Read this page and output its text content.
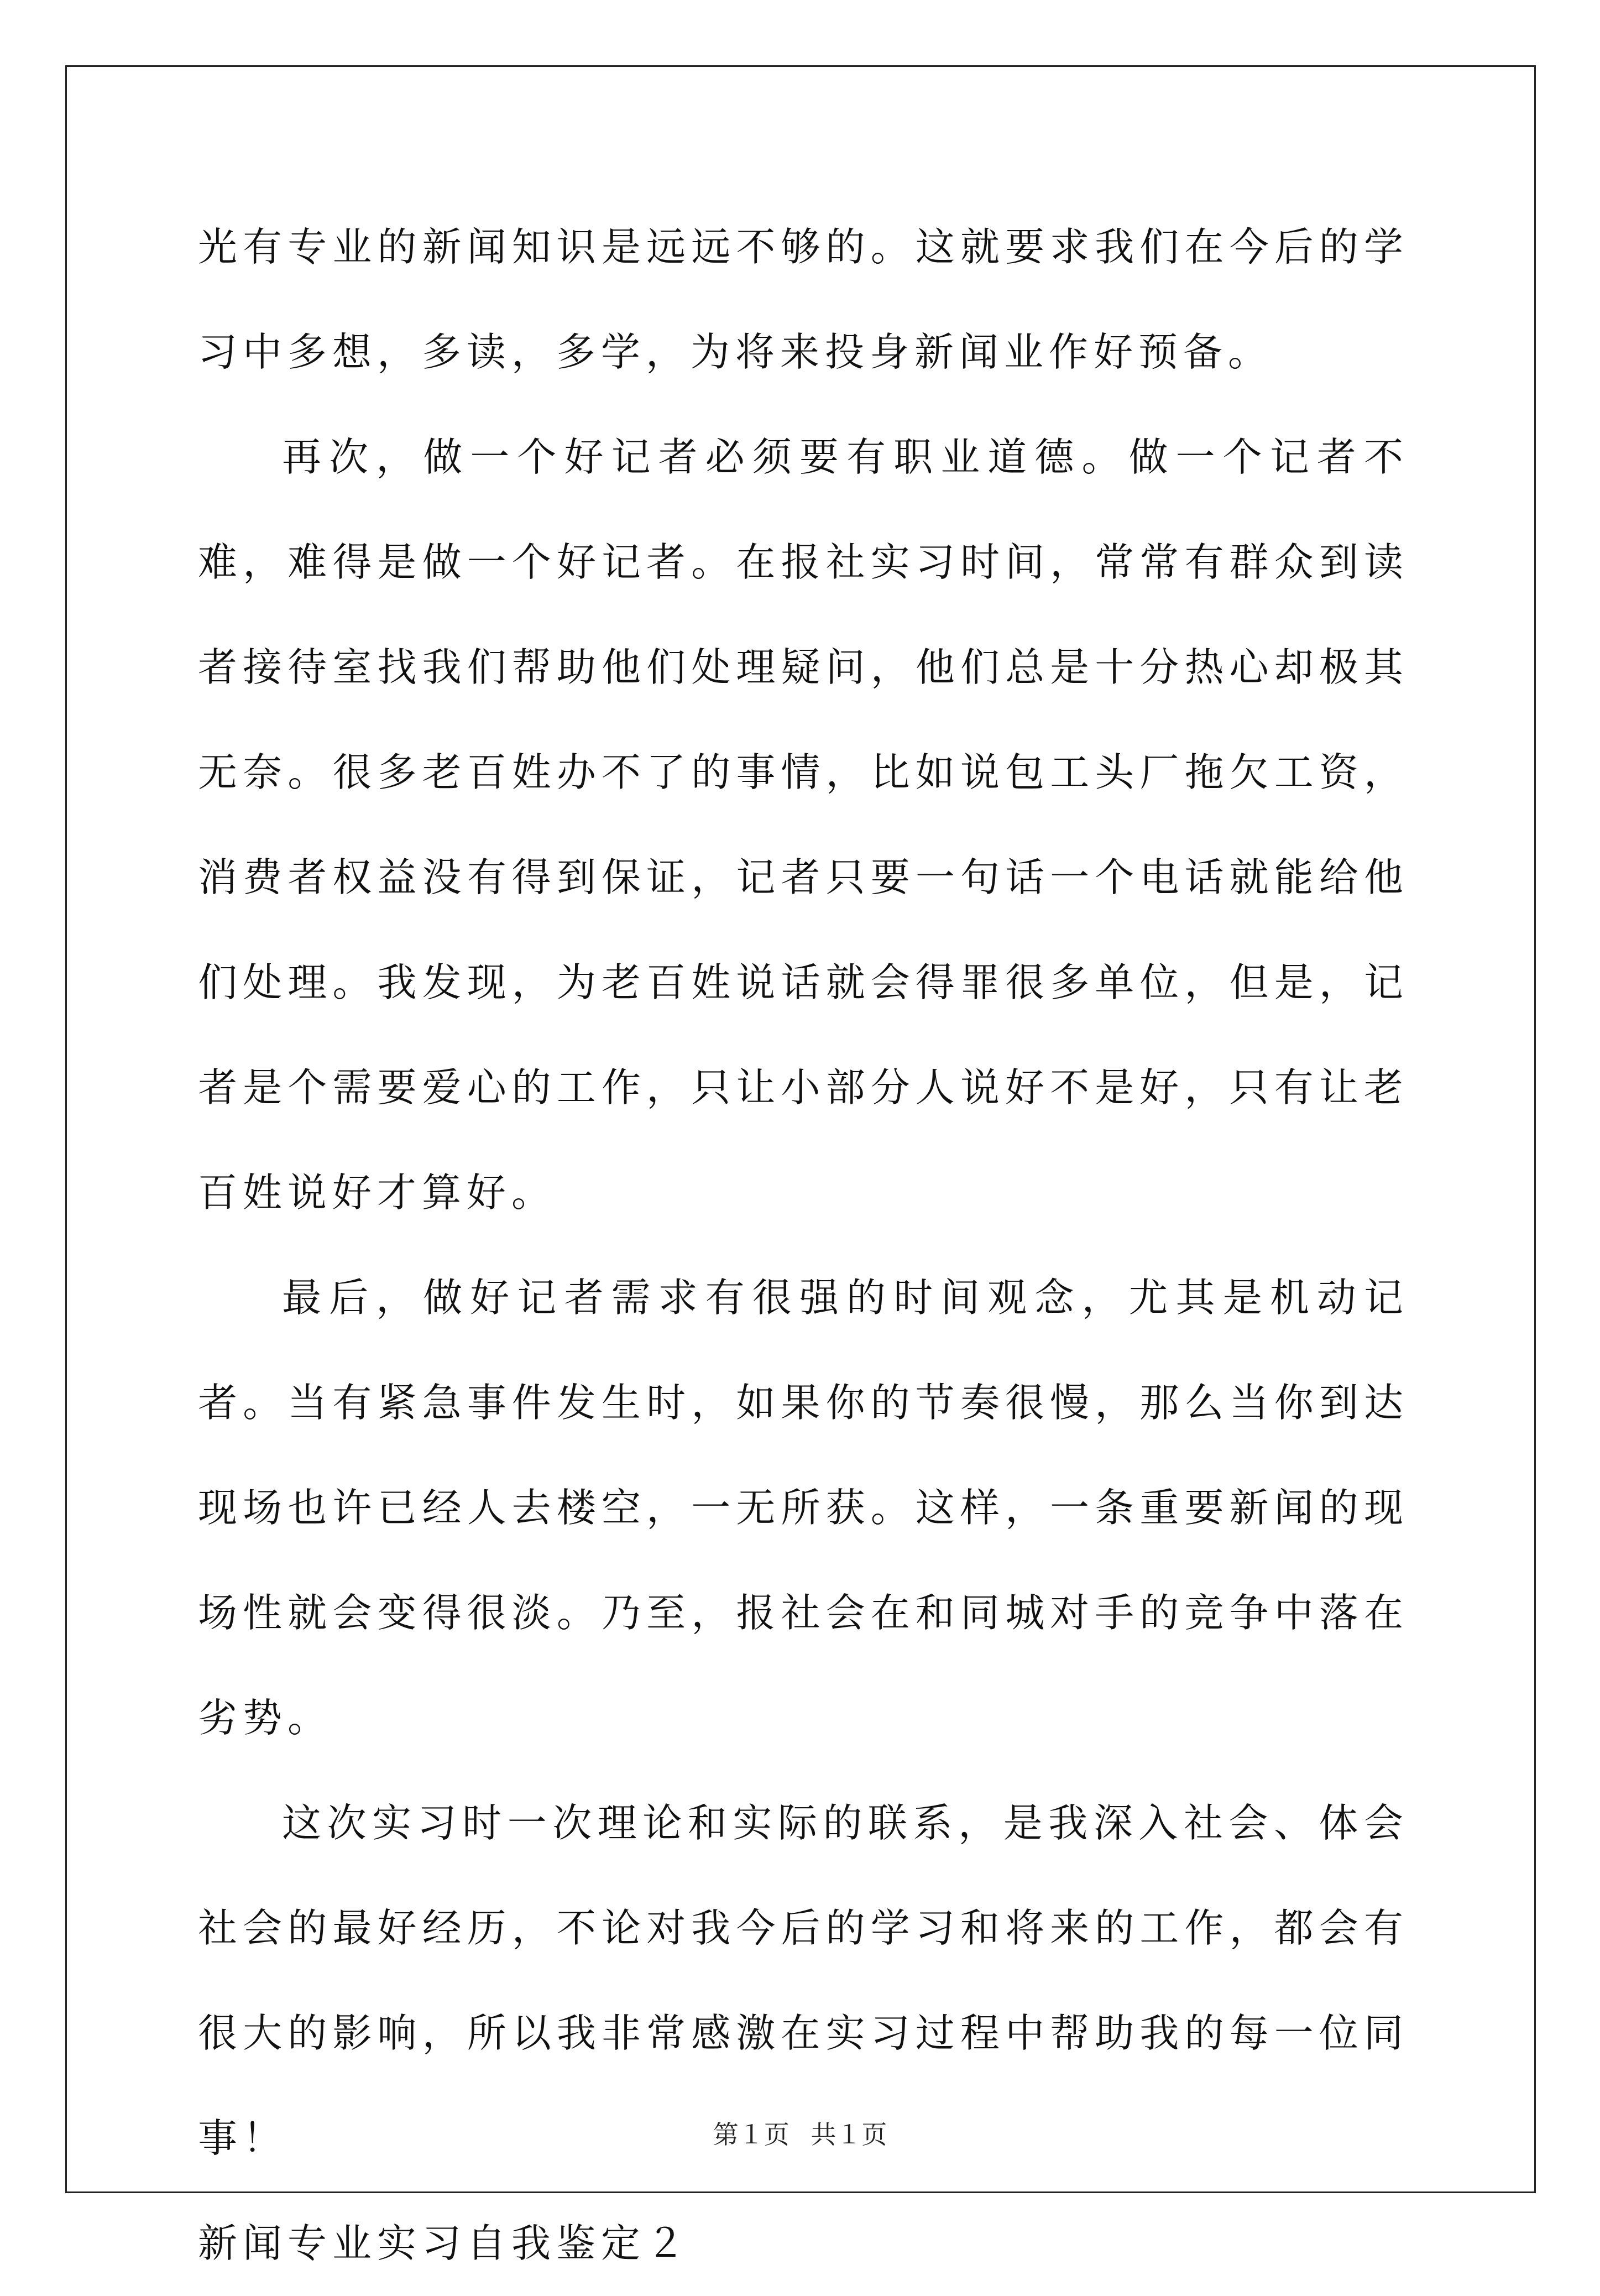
光有专业的新闻知识是远远不够的。这就要求我们在今后的学习中多想，多读，多学，为将来投身新闻业作好预备。

再次，做一个好记者必须要有职业道德。做一个记者不难，难得是做一个好记者。在报社实习时间，常常有群众到读者接待室找我们帮助他们处理疑问，他们总是十分热心却极其无奈。很多老百姓办不了的事情，比如说包工头厂拖欠工资，消费者权益没有得到保证，记者只要一句话一个电话就能给他们处理。我发现，为老百姓说话就会得罪很多单位，但是，记者是个需要爱心的工作，只让小部分人说好不是好，只有让老百姓说好才算好。

最后，做好记者需求有很强的时间观念，尤其是机动记者。当有紧急事件发生时，如果你的节奏很慢，那么当你到达现场也许已经人去楼空，一无所获。这样，一条重要新闻的现场性就会变得很淡。乃至，报社会在和同城对手的竞争中落在劣势。

这次实习时一次理论和实际的联系，是我深入社会、体会社会的最好经历，不论对我今后的学习和将来的工作，都会有很大的影响，所以我非常感激在实习过程中帮助我的每一位同事！

新闻专业实习自我鉴定２

第１页 共１页
